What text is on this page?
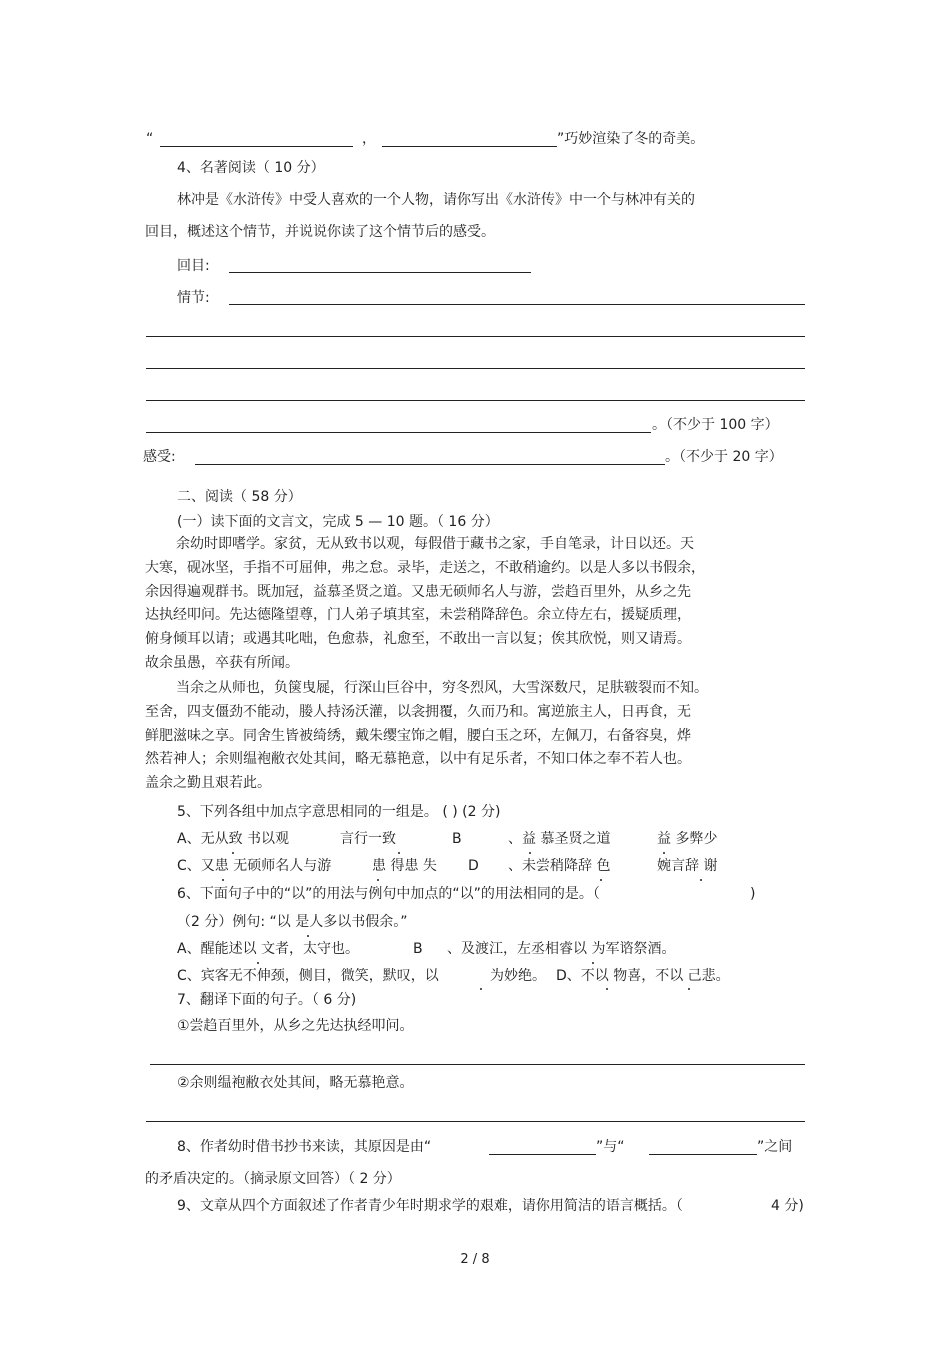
“	，	”巧妙渲染了冬的奇美。
4、名著阅读（ 10 分）
林冲是《水浒传》中受人喜欢的一个人物，请你写出《水浒传》中一个与林冲有关的
回目，概述这个情节，并说说你读了这个情节后的感受。
回目:
情节:
。（不少于 100 字）
感受:	。（不少于 20 字）
二、阅读（ 58 分）
(一）读下面的文言文，完成 5 — 10 题。（ 16 分）
余幼时即嗜学。家贫，无从致书以观，每假借于藏书之家，手自笔录，计日以还。天
大寒，砚冰坚，手指不可屈伸，弗之怠。录毕，走送之，不敢稍逾约。以是人多以书假余，
余因得遍观群书。既加冠，益慕圣贤之道。又患无硕师名人与游，尝趋百里外，从乡之先
达执经叩问。先达德隆望尊，门人弟子填其室，未尝稍降辞色。余立侍左右，援疑质理，
俯身倾耳以请；或遇其叱咄，色愈恭，礼愈至，不敢出一言以复；俟其欣悦，则又请焉。
故余虽愚，卒获有所闻。
当余之从师也，负箧曳屣，行深山巨谷中，穷冬烈风，大雪深数尺，足肤皲裂而不知。
至舍，四支僵劲不能动，媵人持汤沃灌，以衾拥覆，久而乃和。寓逆旅主人，日再食，无
鲜肥滋味之享。同舍生皆被绮绣，戴朱缨宝饰之帽，腰白玉之环，左佩刀，右备容臭，烨
然若神人；余则缊袍敝衣处其间，略无慕艳意，以中有足乐者，不知口体之奉不若人也。
盖余之勤且艰若此。
5、下列各组中加点字意思相同的一组是。 ( ) (2 分)
A、无从致 书以观	言行一致	B	、益 慕圣贤之道	益 多弊少
C、又患 无硕师名人与游	患 得患 失 D 、未尝稍降辞 色	婉言辞 谢
6、下面句子中的“以”的用法与例句中加点的“以”的用法相同的是。（	)
（2 分）例句: “以 是人多以书假余。”
A、醒能述以 文者，太守也。	B 、及渡江，左丞相睿以 为军谘祭酒。
C、宾客无不伸颈，侧目，微笑，默叹，以	为妙绝。 D、不以 物喜，不以 己悲。
7、翻译下面的句子。（ 6 分)
①尝趋百里外，从乡之先达执经叩问。
②余则缊袍敝衣处其间，略无慕艳意。
8、作者幼时借书抄书来读，其原因是由“	”与“	”之间
的矛盾决定的。（摘录原文回答）（ 2 分）
9、文章从四个方面叙述了作者青少年时期求学的艰难，请你用简洁的语言概括。（	4 分)
2 / 8
